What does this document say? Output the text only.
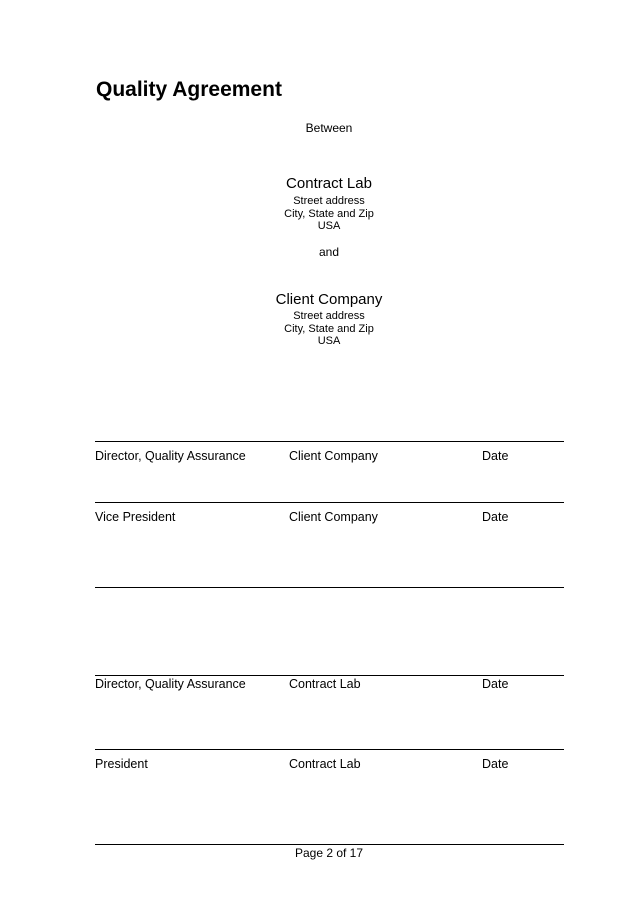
Quality Agreement
Between
Contract Lab
Street address
City, State and Zip
USA
and
Client Company
Street address
City, State and Zip
USA
Director, Quality Assurance	Client Company	Date
Vice President	Client Company	Date
Director, Quality Assurance	Contract Lab	Date
President	Contract Lab	Date
Page 2 of 17
